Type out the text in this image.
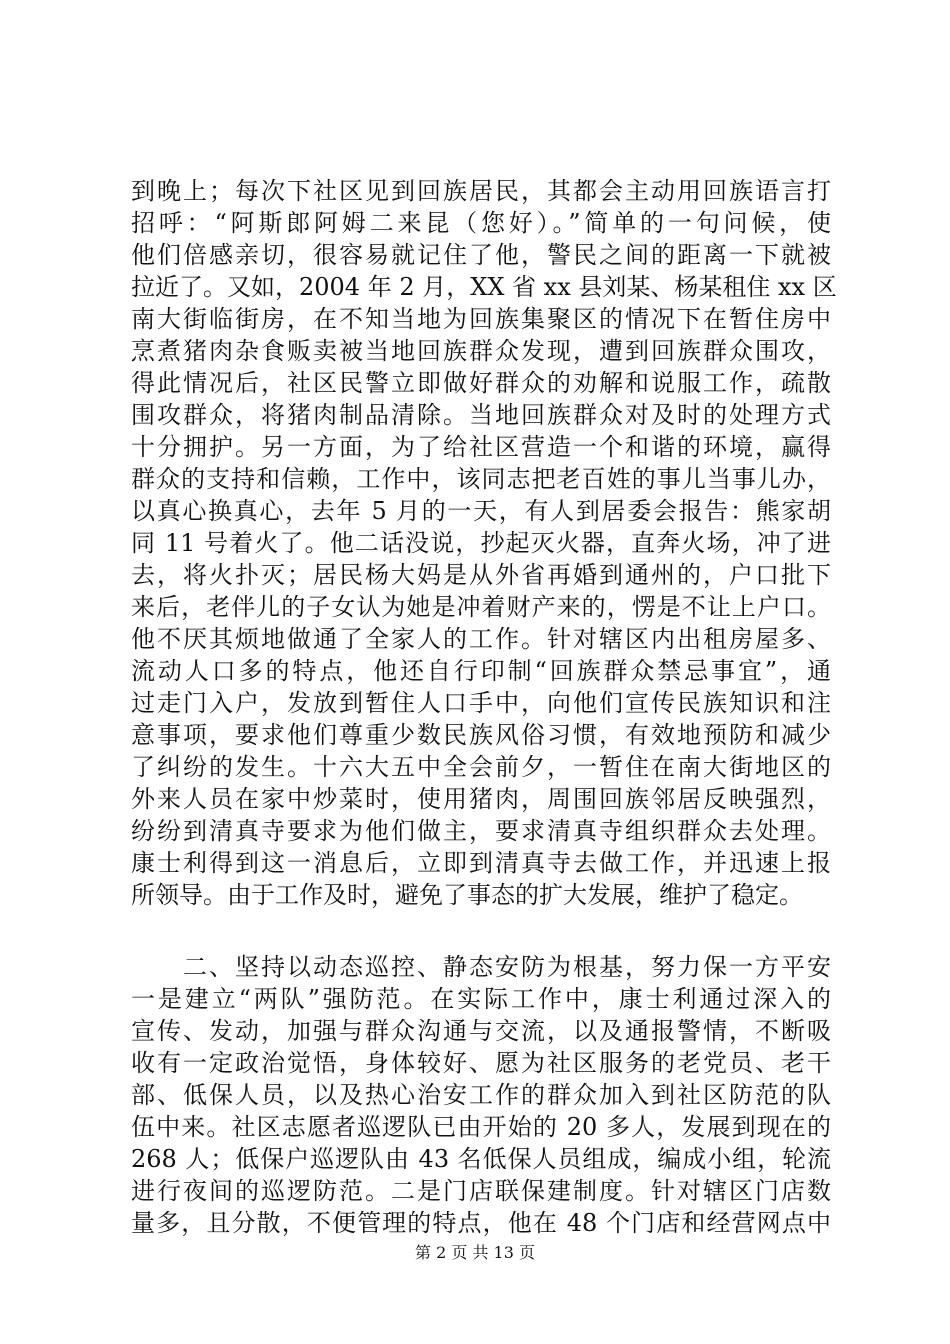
到晚上；每次下社区见到回族居民，其都会主动用回族语言打
招呼：“阿斯郎阿姆二来昆（您好）。”简单的一句问候，使
他们倍感亲切，很容易就记住了他，警民之间的距离一下就被
拉近了。又如，2004 年 2 月，XX 省 xx 县刘某、杨某租住 xx 区
南大街临街房，在不知当地为回族集聚区的情况下在暂住房中
烹煮猪肉杂食贩卖被当地回族群众发现，遭到回族群众围攻，
得此情况后，社区民警立即做好群众的劝解和说服工作，疏散
围攻群众，将猪肉制品清除。当地回族群众对及时的处理方式
十分拥护。另一方面，为了给社区营造一个和谐的环境，赢得
群众的支持和信赖，工作中，该同志把老百姓的事儿当事儿办，
以真心换真心，去年 5 月的一天，有人到居委会报告：熊家胡
同 11 号着火了。他二话没说，抄起灭火器，直奔火场，冲了进
去，将火扑灭；居民杨大妈是从外省再婚到通州的，户口批下
来后，老伴儿的子女认为她是冲着财产来的，愣是不让上户口。
他不厌其烦地做通了全家人的工作。针对辖区内出租房屋多、
流动人口多的特点，他还自行印制“回族群众禁忌事宜”，通
过走门入户，发放到暂住人口手中，向他们宣传民族知识和注
意事项，要求他们尊重少数民族风俗习惯，有效地预防和减少
了纠纷的发生。十六大五中全会前夕，一暂住在南大街地区的
外来人员在家中炒菜时，使用猪肉，周围回族邻居反映强烈，
纷纷到清真寺要求为他们做主，要求清真寺组织群众去处理。
康士利得到这一消息后，立即到清真寺去做工作，并迅速上报
所领导。由于工作及时，避免了事态的扩大发展，维护了稳定。
　　二、坚持以动态巡控、静态安防为根基，努力保一方平安
一是建立“两队”强防范。在实际工作中，康士利通过深入的
宣传、发动，加强与群众沟通与交流，以及通报警情，不断吸
收有一定政治觉悟，身体较好、愿为社区服务的老党员、老干
部、低保人员，以及热心治安工作的群众加入到社区防范的队
伍中来。社区志愿者巡逻队已由开始的 20 多人，发展到现在的
268 人；低保户巡逻队由 43 名低保人员组成，编成小组，轮流
进行夜间的巡逻防范。二是门店联保建制度。针对辖区门店数
量多，且分散，不便管理的特点，他在 48 个门店和经营网点中
第 2 页 共 13 页
